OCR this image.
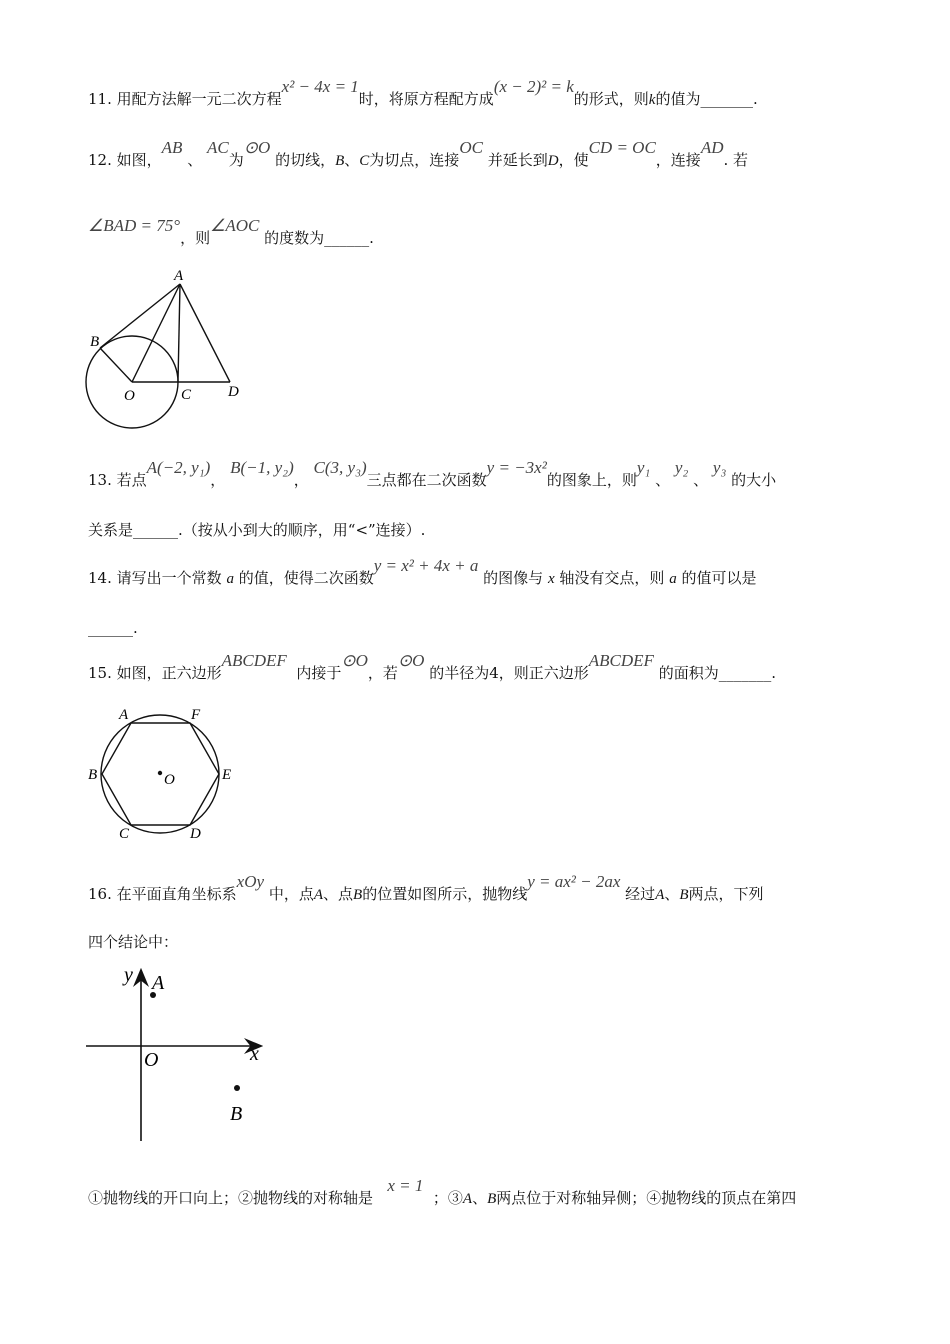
11. 用配方法解一元二次方程x² − 4x = 1时，将原方程配方成(x − 2)² = k的形式，则k的值为_______.
12. 如图，AB 、 AC为⊙O 的切线，B、C为切点，连接OC 并延长到D，使CD = OC，连接AD. 若
∠BAD = 75°，则∠AOC 的度数为______.
A
B
O	C D
13. 若点A(−2, y₁)， B(−1, y₂)， C(3, y₃)三点都在二次函数y = −3x²的图象上，则y₁ 、 y₂ 、 y₃ 的大小
关系是______.（按从小到大的顺序，用“<”连接）.
14. 请写出一个常数 a 的值，使得二次函数y = x² + 4x + a 的图像与 x 轴没有交点，则 a 的值可以是
______.
15. 如图，正六边形ABCDEF  内接于⊙O，若⊙O 的半径为4，则正六边形ABCDEF 的面积为_______.
A	F
B	O	E
C	D
16. 在平面直角坐标系xOy 中，点A、点B的位置如图所示，抛物线y = ax² − 2ax 经过A、B两点，下列
四个结论中：
y A
O	x
B
①抛物线的开口向上；②抛物线的对称轴是   x = 1  ；③A、B两点位于对称轴异侧；④抛物线的顶点在第四
